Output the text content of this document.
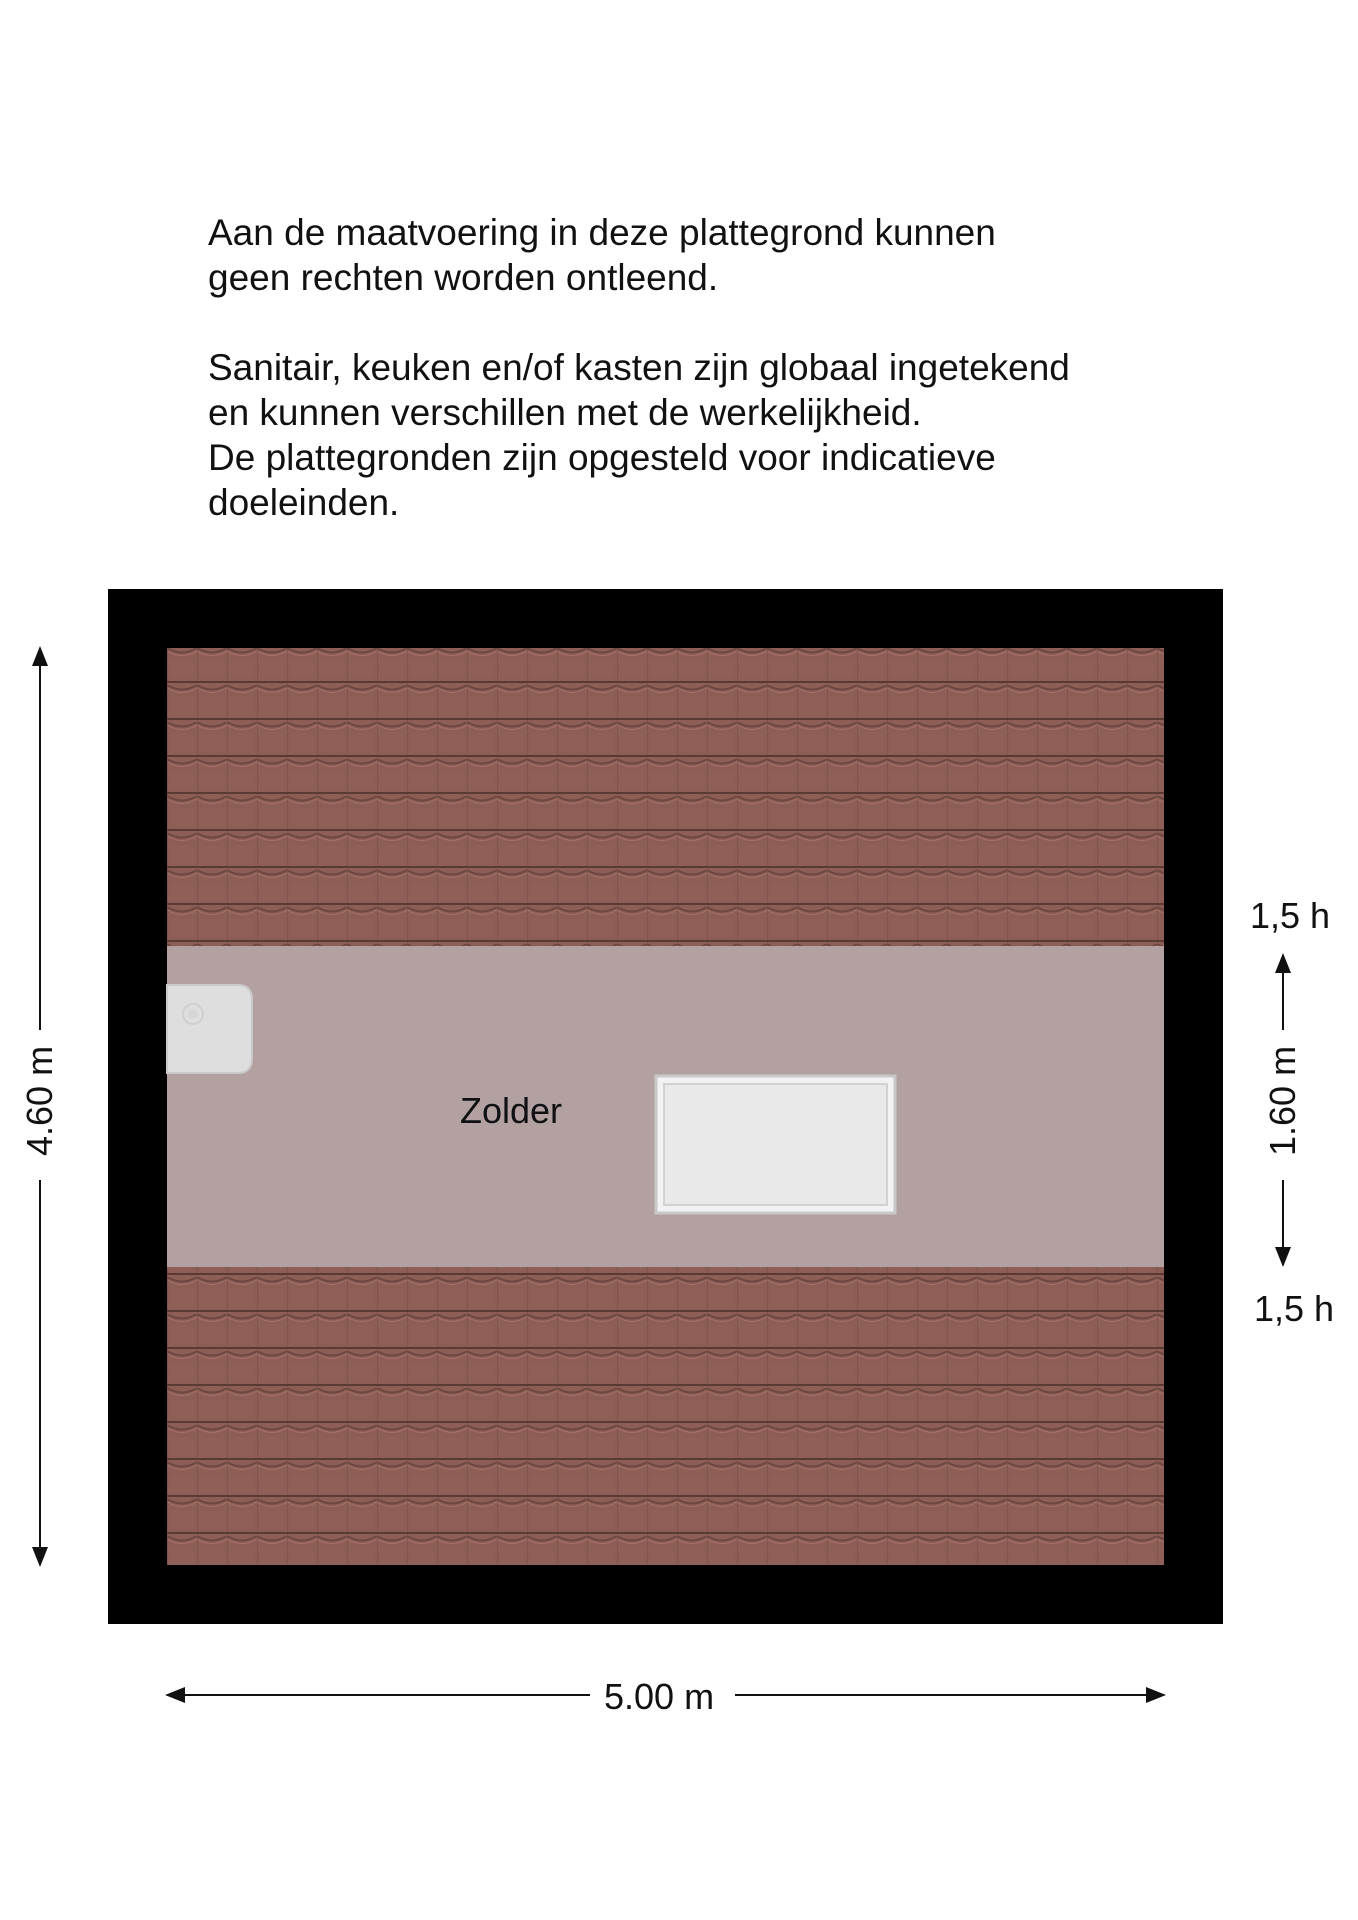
Aan de maatvoering in deze plattegrond kunnen

geen rechten worden ontleend.

Sanitair, keuken en/of kasten zijn globaal ingetekend

en kunnen verschillen met de werkelijkheid.

De plattegronden zijn opgesteld voor indicatieve

doeleinden.

Zolder
5.00 m
4.60 m	1.60 m
1,5 h
1,5 h
